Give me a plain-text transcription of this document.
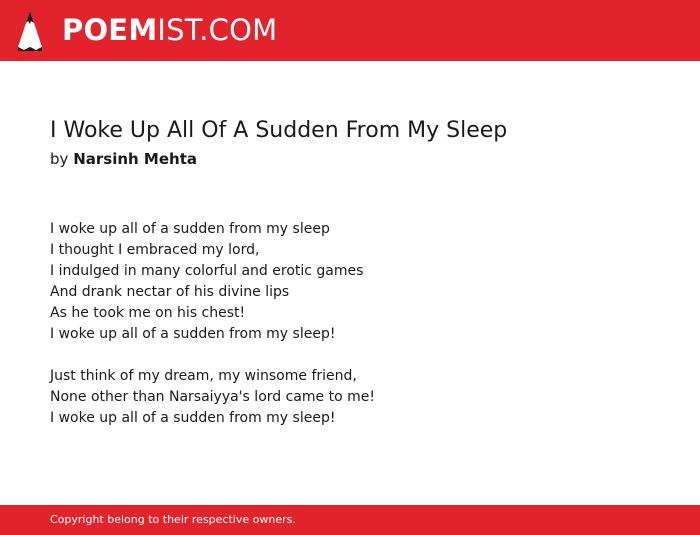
POEMIST.COM
I Woke Up All Of A Sudden From My Sleep
by Narsinh Mehta
I woke up all of a sudden from my sleep
I thought I embraced my lord,
I indulged in many colorful and erotic games
And drank nectar of his divine lips
As he took me on his chest!
I woke up all of a sudden from my sleep!
Just think of my dream, my winsome friend,
None other than Narsaiyya's lord came to me!
I woke up all of a sudden from my sleep!
Copyright belong to their respective owners.
